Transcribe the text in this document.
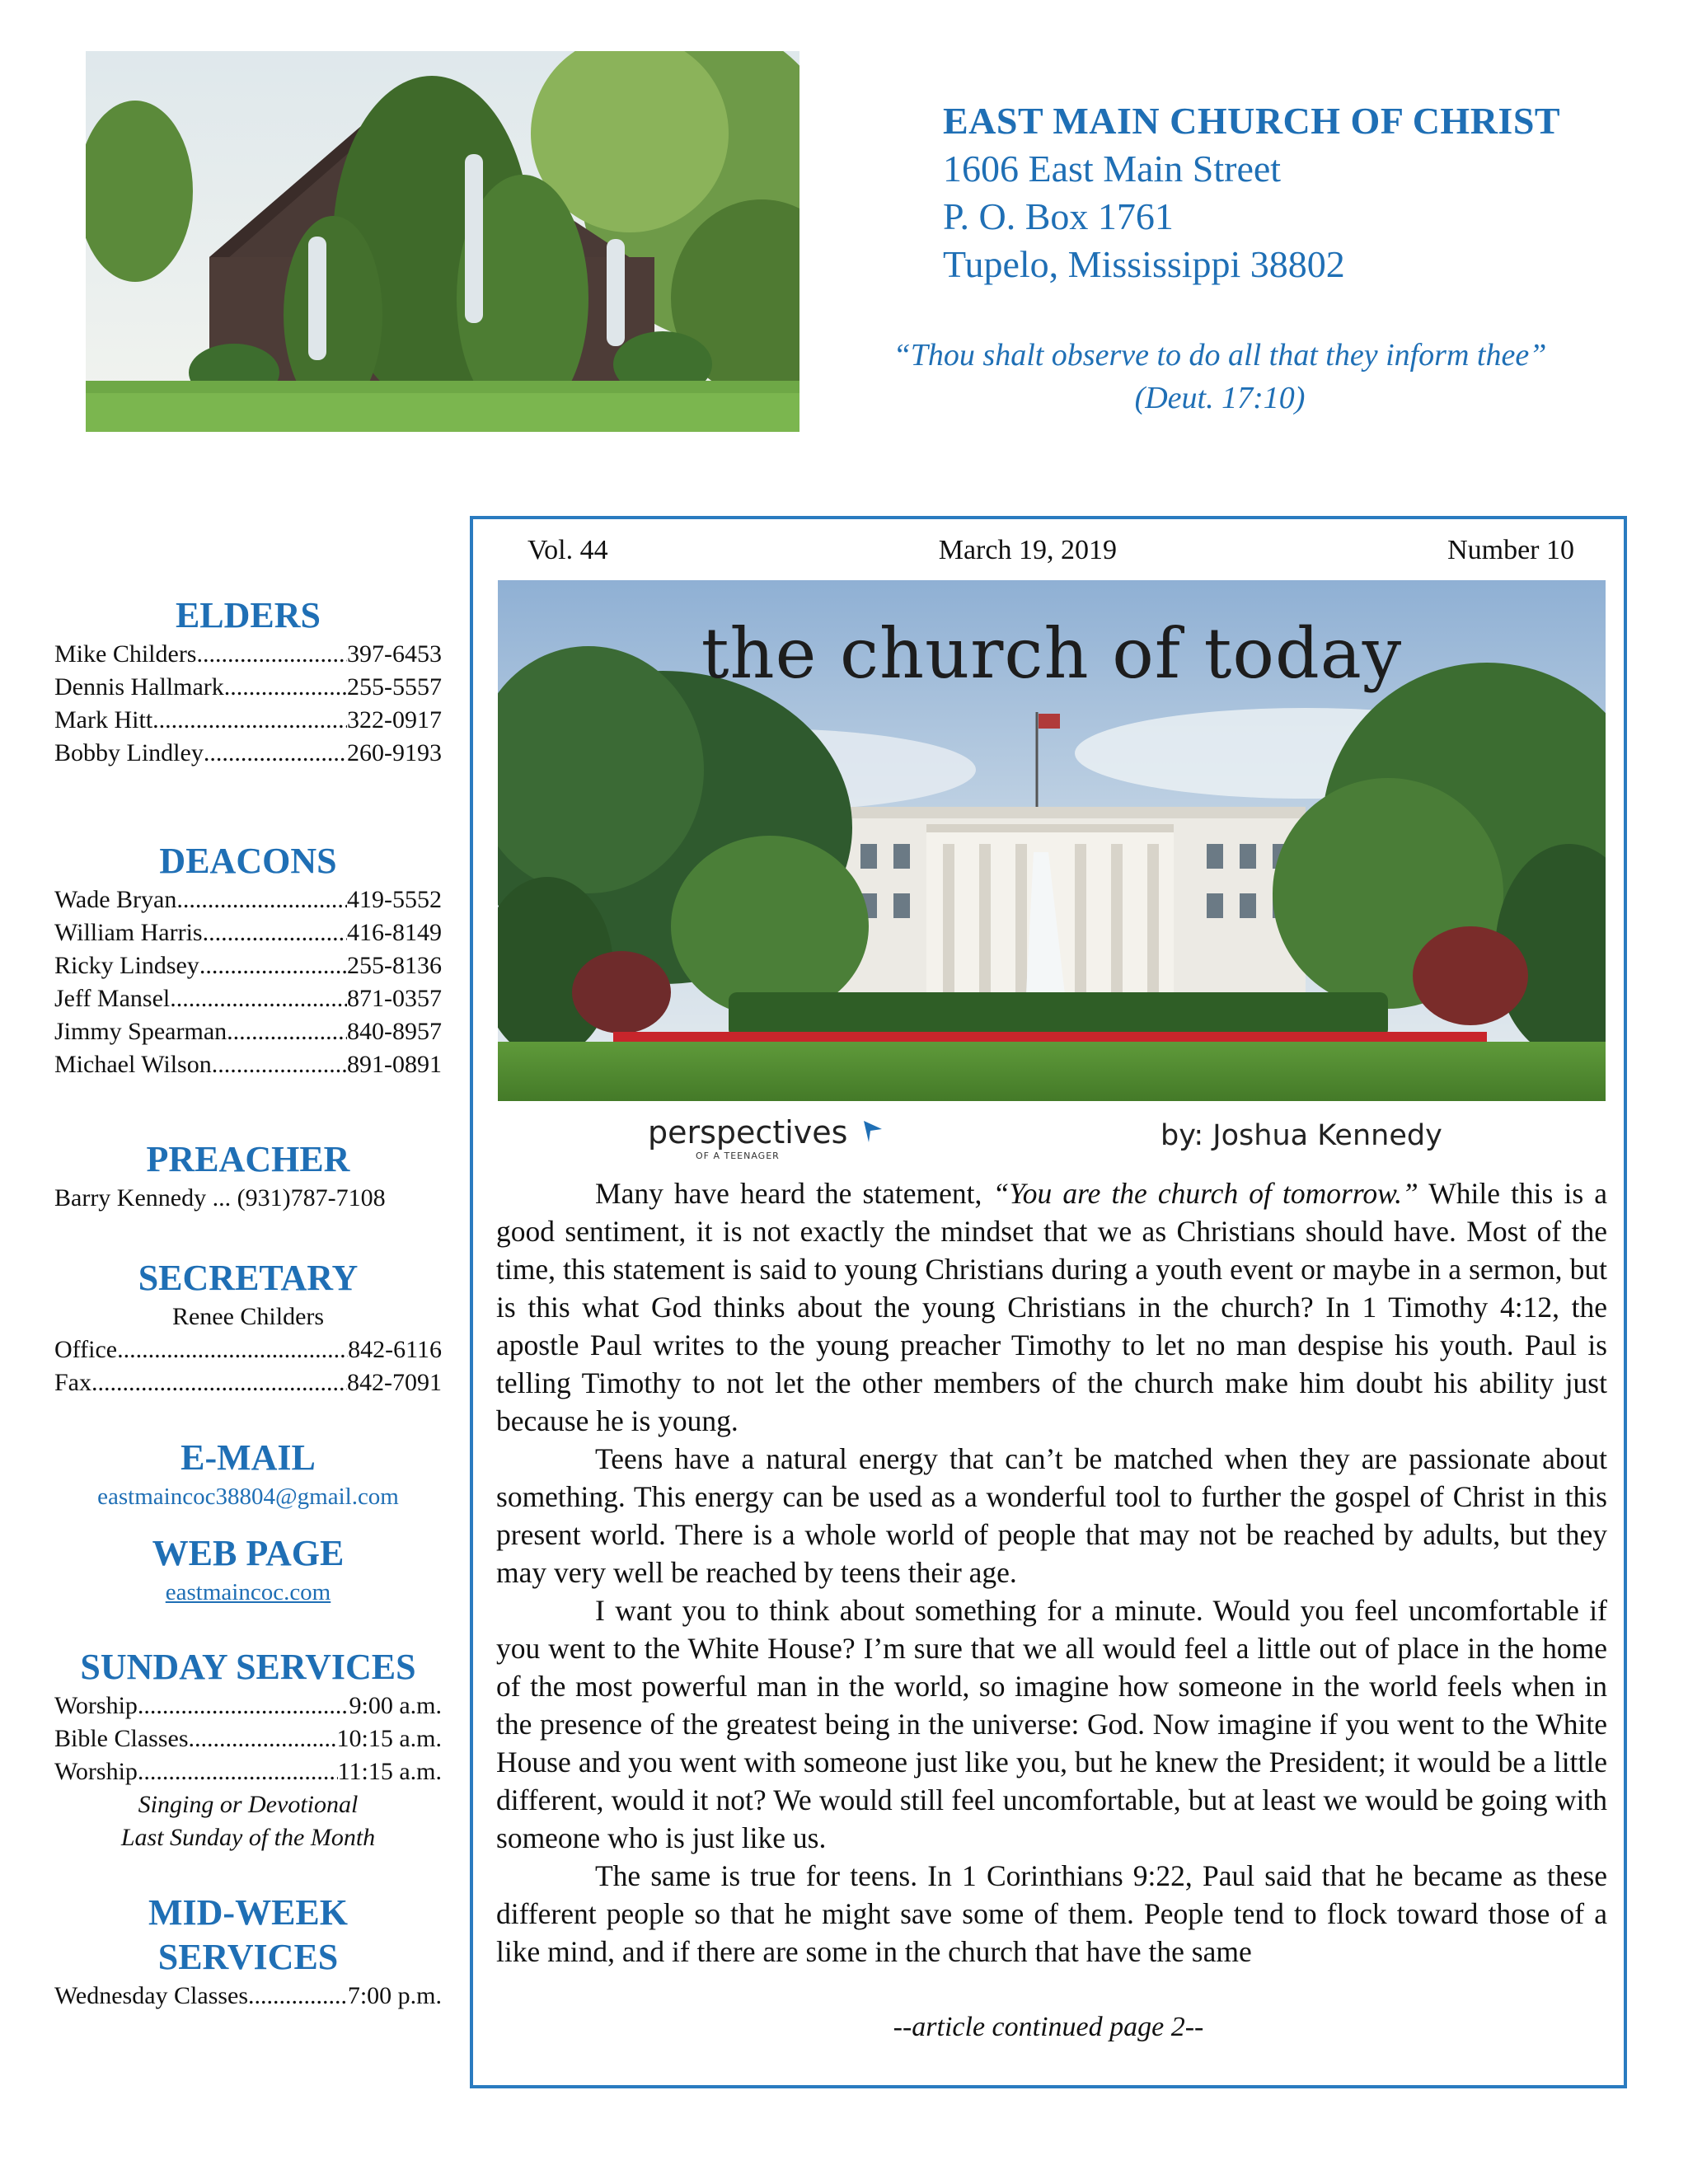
EAST MAIN CHURCH OF CHRIST
1606 East Main Street
P. O. Box 1761
Tupelo, Mississippi 38802
“Thou shalt observe to do all that they inform thee”
(Deut. 17:10)
ELDERS
Mike Childers .....	397-6453
Dennis Hallmark .....	255-5557
Mark Hitt .....	322-0917
Bobby Lindley .....	260-9193
DEACONS
Wade Bryan .....	419-5552
William Harris .....	416-8149
Ricky Lindsey .....	255-8136
Jeff Mansel .....	871-0357
Jimmy Spearman .....	840-8957
Michael Wilson .....	891-0891
PREACHER
Barry Kennedy ... (931)787-7108
SECRETARY
Renee Childers
Office .....	842-6116
Fax .....	842-7091
E-MAIL
eastmaincoc38804@gmail.com
WEB PAGE
eastmaincoc.com
SUNDAY SERVICES
Worship .....	9:00 a.m.
Bible Classes .....	10:15 a.m.
Worship .....	11:15 a.m.
Singing or Devotional
Last Sunday of the Month
MID-WEEK
SERVICES
Wednesday Classes .....	7:00 p.m.
Vol. 44	March 19, 2019	Number 10
the church of today
perspectives
OF A TEENAGER
by: Joshua Kennedy

Many have heard the statement, “You are the church of tomorrow.” While this is a good sentiment, it is not exactly the mindset that we as Christians should have. Most of the time, this statement is said to young Christians during a youth event or maybe in a sermon, but is this what God thinks about the young Christians in the church? In 1 Timothy 4:12, the apostle Paul writes to the young preacher Timothy to let no man despise his youth. Paul is telling Timothy to not let the other members of the church make him doubt his ability just because he is young.

Teens have a natural energy that can’t be matched when they are passionate about something. This energy can be used as a wonderful tool to further the gospel of Christ in this present world. There is a whole world of people that may not be reached by adults, but they may very well be reached by teens their age.

I want you to think about something for a minute. Would you feel uncomfortable if you went to the White House? I’m sure that we all would feel a little out of place in the home of the most powerful man in the world, so imagine how someone in the world feels when in the presence of the greatest being in the universe: God. Now imagine if you went to the White House and you went with someone just like you, but he knew the President; it would be a little different, would it not? We would still feel uncomfortable, but at least we would be going with someone who is just like us.

The same is true for teens. In 1 Corinthians 9:22, Paul said that he became as these different people so that he might save some of them. People tend to flock toward those of a like mind, and if there are some in the church that have the same

--article continued page 2--
